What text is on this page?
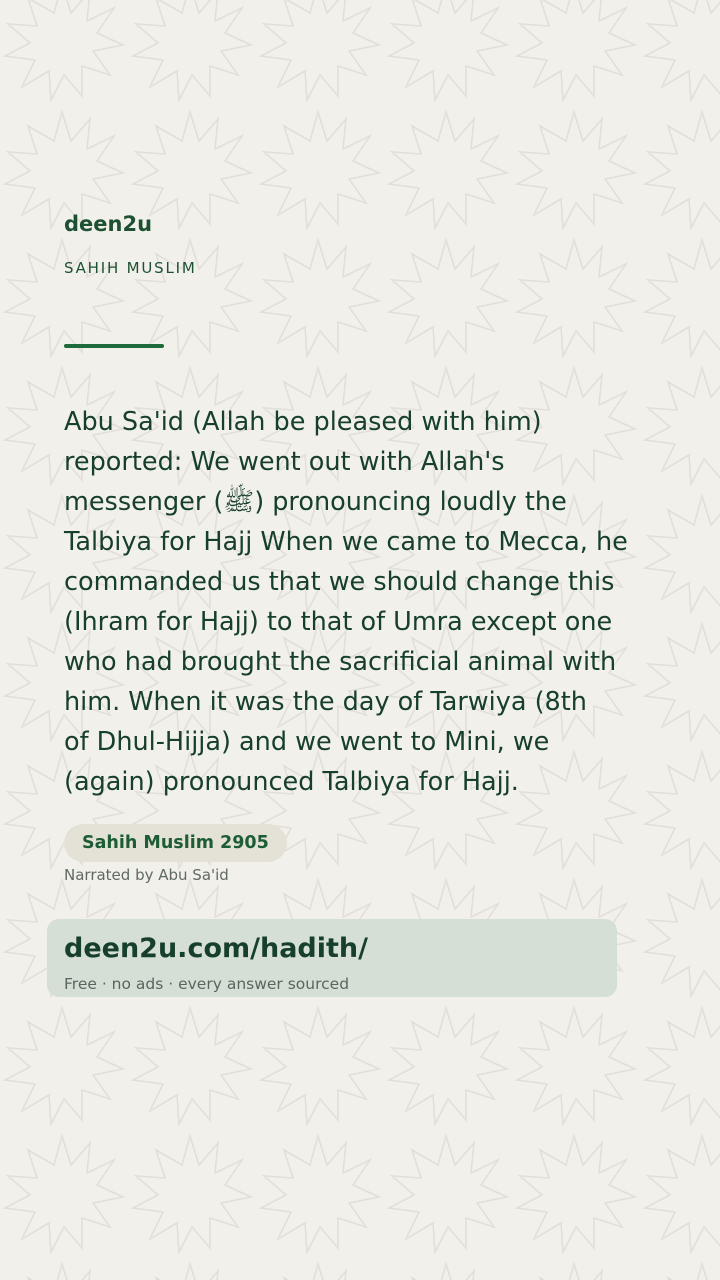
deen2u
SAHIH MUSLIM

Abu Sa'id (Allah be pleased with him)
reported: We went out with Allah's
messenger (ﷺ) pronouncing loudly the
Talbiya for Hajj When we came to Mecca, he
commanded us that we should change this
(Ihram for Hajj) to that of Umra except one
who had brought the sacrificial animal with
him. When it was the day of Tarwiya (8th
of Dhul-Hijja) and we went to Mini, we
(again) pronounced Talbiya for Hajj.

Sahih Muslim 2905
Narrated by Abu Sa'id
deen2u.com/hadith/
Free · no ads · every answer sourced
